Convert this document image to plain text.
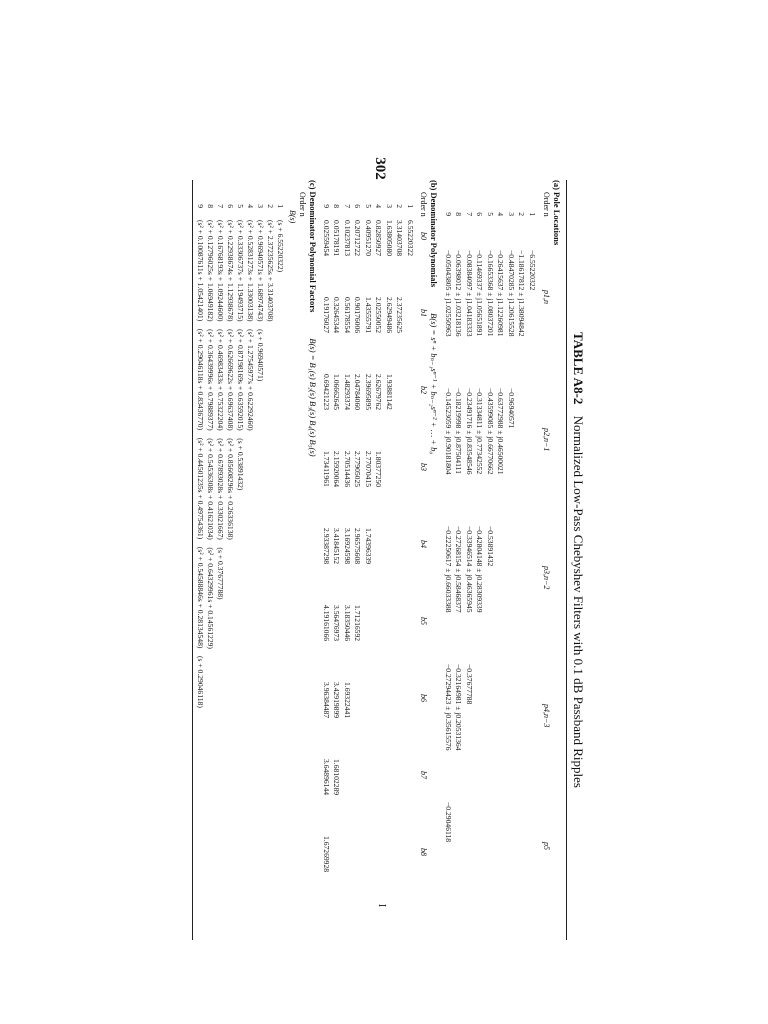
302
I
TABLE A8-2 Normalized Low-Pass Chebyshev Filters with 0.1 dB Passband Ripples
(a) Pole Locations
Order n
p1,n
p2,n−1
p3,n−2
p4,n−3
p5
1
−6.55220322
2
−1.18617812 ± j1.38094842
3
−0.48470285 ± j1.20615528
−0.96940571
4
−0.26415637 ± j1.12260981
−0.63772988 ± j0.46500021
5
−0.16653368 ± j1.08037201
−0.43599085 ± j0.66770662
−0.53891432
6
−0.11469337 ± j1.05651891
−0.31334811 ± j0.77342552
−0.42804148 ± j0.28309339
7
−0.08384097 ± j1.04183333
−0.23491716 ± j0.83548546
−0.33946514 ± j0.46365945
−0.37677788
8
−0.06398012 ± j1.03218136
−0.18219998 ± j0.87504111
−0.27268154 ± j0.58468377
−0.32164981 ± j0.20531364
9
−0.05043805 ± j1.02550963
−0.14523059 ± j0.90181804
−0.22250617 ± j0.66033388
−0.27294423 ± j0.35615576
−0.29046118
(b) Denominator Polynomials B(s) = sⁿ + bₙ₋₁sⁿ⁻¹ + bₙ₋₂sⁿ⁻² + … + b₀
Order n
b0
b1
b2
b3
b4
b5
b6
b7
b8
1
6.55220322
2
3.31403708
2.37235625
3
1.63805080
2.62949486
1.93881142
4
0.82850927
2.02550052
2.62679762
1.80377250
5
0.40951270
1.43555791
2.39695895
2.77070415
1.74396339
6
0.20712722
0.90176006
2.04784060
2.77905025
2.96575608
1.71216592
7
0.10237813
0.56178554
1.48293374
2.70514436
3.16924598
3.18350446
1.69322441
8
0.05178191
0.32645344
1.06662645
2.15920064
3.41845152
3.56476973
3.42919899
1.68102289
9
0.02559454
0.19176027
0.69421223
1.73411961
2.93387298
4.19161066
3.96384487
3.64896144
1.67269928
(c) Denominator Polynomial Factors B(s) = B₁(s) B₂(s) B₃(s) B₄(s) B₅(s)
Order n
B(s)
1
(s + 6.55220322)
2
(s² + 2.37235625s + 3.31403708)
3
(s² + 0.96940571s + 1.68974743)    (s + 0.96940571)
4
(s² + 0.52831273s + 1.33003138)    (s² + 1.27545977s + 0.62292460)
5
(s² + 0.33306737s + 1.19493715)    (s² + 0.87198169s + 0.63592015)    (s + 0.53891432)
6
(s² + 0.22938674s + 1.12938678)    (s² + 0.62669622s + 0.69637408)    (s² + 0.85608296s + 0.26336138)
7
(s² + 0.16768193s + 1.09244600)    (s² + 0.46983433s + 0.75322204)    (s² + 0.67893028s + 0.33021667)    (s + 0.37677788)
8
(s² + 0.12796025s + 1.06949182)    (s² + 0.36439996s + 0.79889377)    (s² + 0.54536308s + 0.41621034)    (s² + 0.64329961s + 0.14561229)
9
(s² + 0.10087611s + 1.05421401)    (s² + 0.29046118s + 0.83436770)    (s² + 0.44501235s + 0.49754361)    (s² + 0.54588846s + 0.28134548)    (s + 0.29046118)
